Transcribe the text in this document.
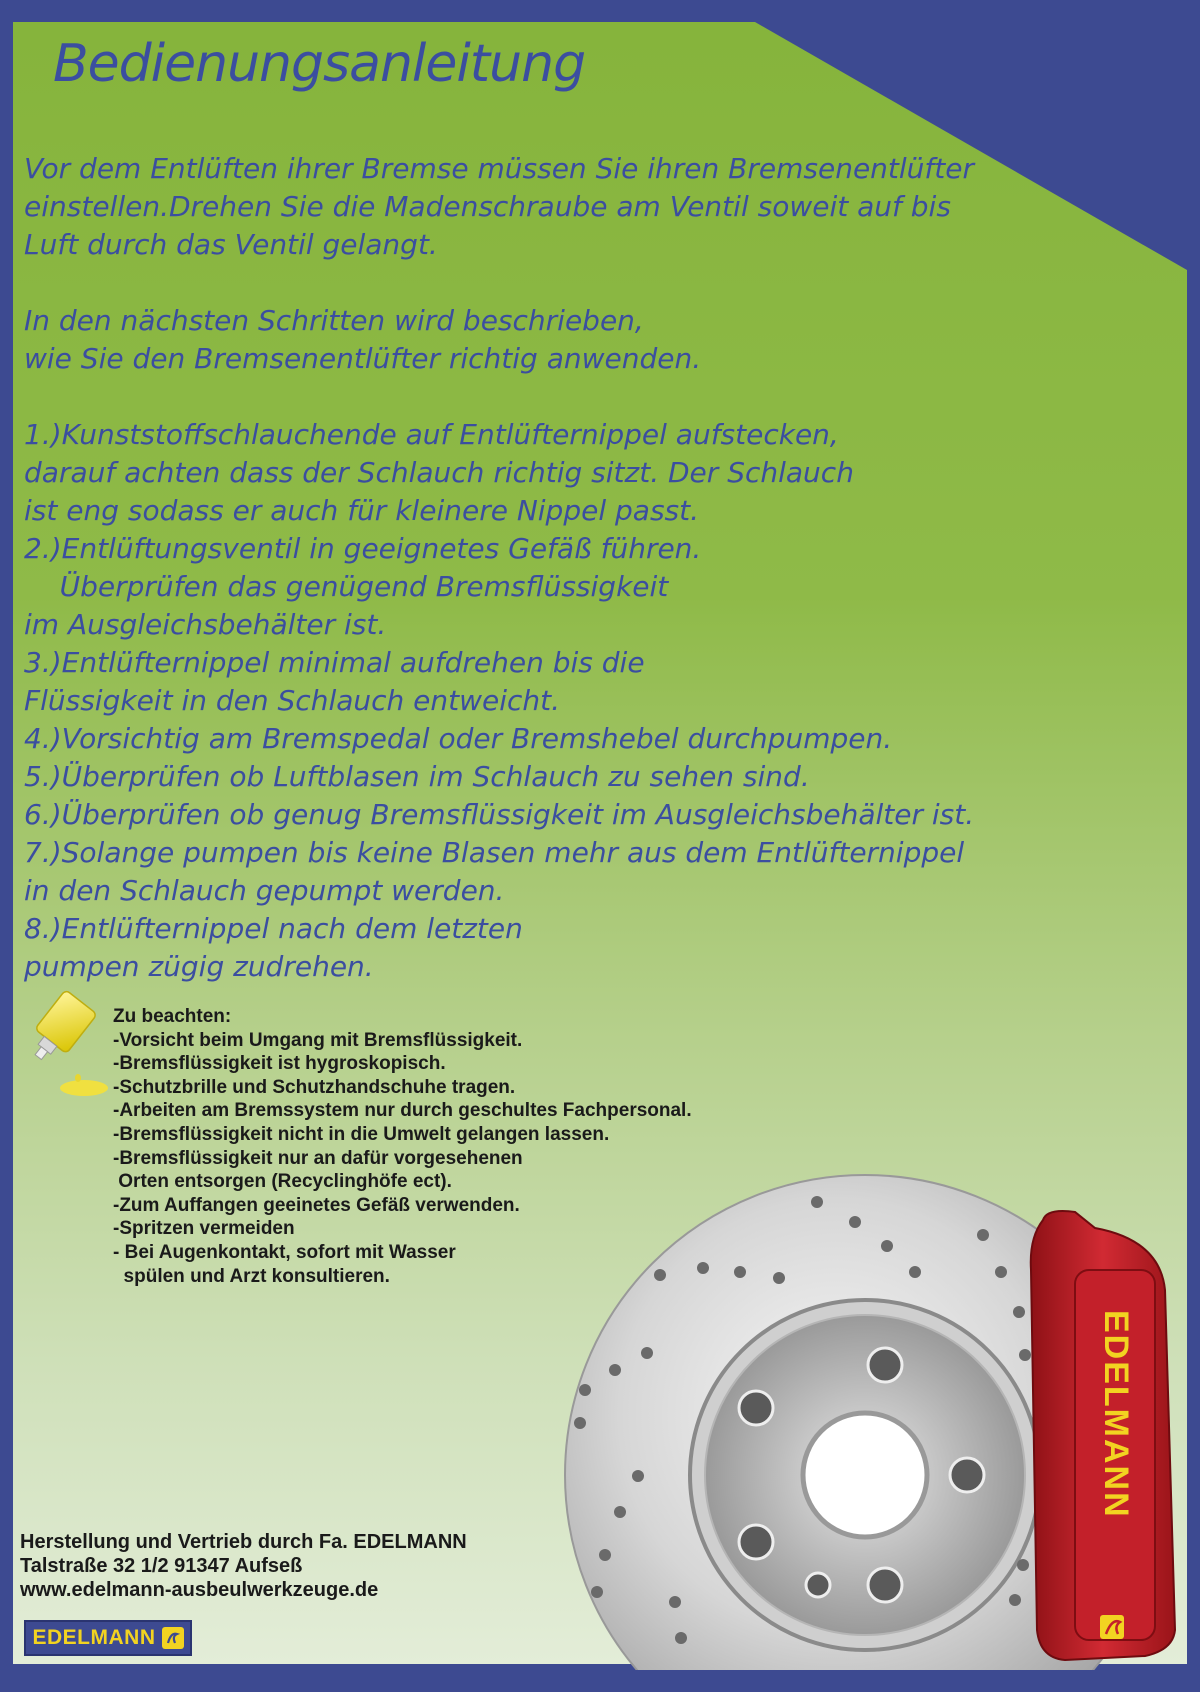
Bedienungsanleitung
Vor dem Entlüften ihrer Bremse müssen Sie ihren Bremsenentlüfter
einstellen.Drehen Sie die Madenschraube am Ventil soweit auf bis
Luft durch das Ventil gelangt.
In den nächsten Schritten wird beschrieben,
wie Sie den Bremsenentlüfter richtig anwenden.
1.)Kunststoffschlauchende auf Entlüfternippel aufstecken,
darauf achten dass der Schlauch richtig sitzt. Der Schlauch
ist eng sodass er auch für kleinere Nippel passt.
2.)Entlüftungsventil in geeignetes Gefäß führen.
Überprüfen das genügend Bremsflüssigkeit
im Ausgleichsbehälter ist.
3.)Entlüfternippel minimal aufdrehen bis die
Flüssigkeit in den Schlauch entweicht.
4.)Vorsichtig am Bremspedal oder Bremshebel durchpumpen.
5.)Überprüfen ob Luftblasen im Schlauch zu sehen sind.
6.)Überprüfen ob genug Bremsflüssigkeit im Ausgleichsbehälter ist.
7.)Solange pumpen bis keine Blasen mehr aus dem Entlüfternippel
in den Schlauch gepumpt werden.
8.)Entlüfternippel nach dem letzten
pumpen zügig zudrehen.
Zu beachten:
-Vorsicht beim Umgang mit Bremsflüssigkeit.
-Bremsflüssigkeit ist hygroskopisch.
-Schutzbrille und Schutzhandschuhe tragen.
-Arbeiten am Bremssystem nur durch geschultes Fachpersonal.
-Bremsflüssigkeit nicht in die Umwelt gelangen lassen.
-Bremsflüssigkeit nur an dafür vorgesehenen
Orten entsorgen (Recyclinghöfe ect).
-Zum Auffangen geeinetes Gefäß verwenden.
-Spritzen vermeiden
- Bei Augenkontakt, sofort mit Wasser
spülen und Arzt konsultieren.
EDELMANN
Herstellung und Vertrieb durch Fa. EDELMANN
Talstraße 32 1/2 91347 Aufseß
www.edelmann-ausbeulwerkzeuge.de
EDELMANN
